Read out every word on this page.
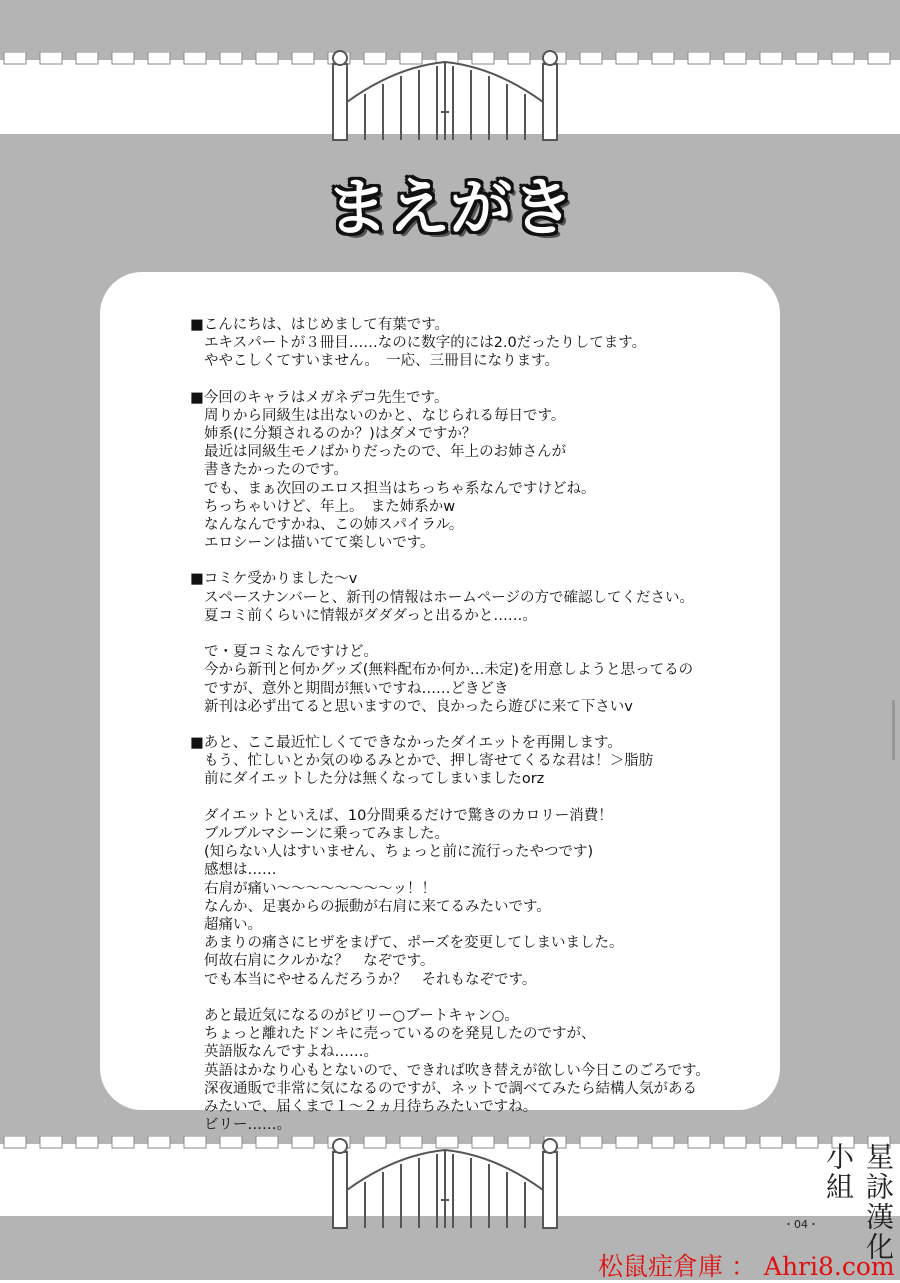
まえがき
■こんにちは、はじめまして有葉です。
エキスパートが３冊目……なのに数字的には2.0だったりしてます。
ややこしくてすいません。　一応、三冊目になります。
■今回のキャラはメガネデコ先生です。
周りから同級生は出ないのかと、なじられる毎日です。
姉系(に分類されるのか？)はダメですか？
最近は同級生モノばかりだったので、年上のお姉さんが
書きたかったのです。
でも、まぁ次回のエロス担当はちっちゃ系なんですけどね。
ちっちゃいけど、年上。　また姉系かw
なんなんですかね、この姉スパイラル。
エロシーンは描いてて楽しいです。
■コミケ受かりました～v
スペースナンバーと、新刊の情報はホームページの方で確認してください。
夏コミ前くらいに情報がダダダっと出るかと……。
で・夏コミなんですけど。
今から新刊と何かグッズ(無料配布か何か…未定)を用意しようと思ってるの
ですが、意外と期間が無いですね……どきどき
新刊は必ず出てると思いますので、良かったら遊びに来て下さいv
■あと、ここ最近忙しくてできなかったダイエットを再開します。
もう、忙しいとか気のゆるみとかで、押し寄せてくるな君は！＞脂肪
前にダイエットした分は無くなってしまいましたorz
ダイエットといえば、10分間乗るだけで驚きのカロリー消費！
ブルブルマシーンに乗ってみました。
(知らない人はすいません、ちょっと前に流行ったやつです)
感想は……
右肩が痛い～～～～～～～～ッ！！
なんか、足裏からの振動が右肩に来てるみたいです。
超痛い。
あまりの痛さにヒザをまげて、ポーズを変更してしまいました。
何故右肩にクルかな？　なぞです。
でも本当にやせるんだろうか？　それもなぞです。
あと最近気になるのがビリー○ブートキャン○。
ちょっと離れたドンキに売っているのを発見したのですが、
英語版なんですよね……。
英語はかなり心もとないので、できれば吹き替えが欲しい今日このごろです。
深夜通販で非常に気になるのですが、ネットで調べてみたら結構人気がある
みたいで、届くまで１～２ヵ月待ちみたいですね。
ビリー……。
・04・ 星詠漢化小組
松鼠症倉庫 ： Ahri8.com
